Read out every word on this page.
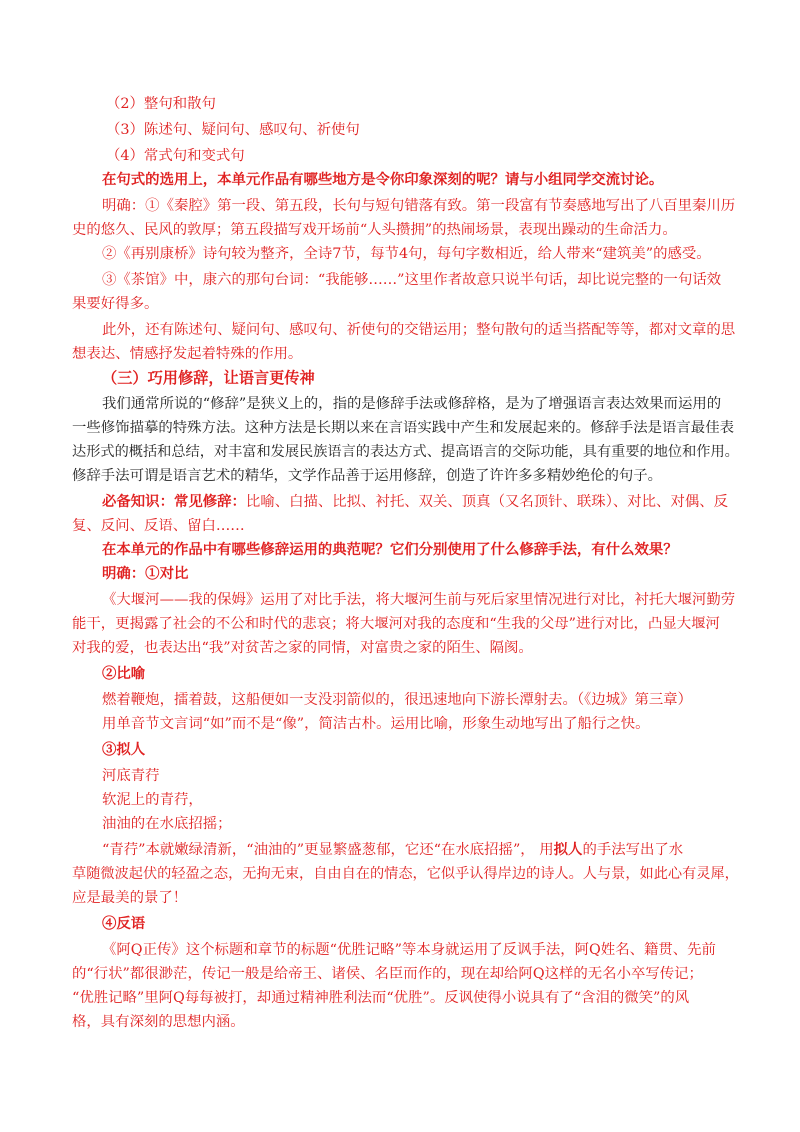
（2）整句和散句
（3）陈述句、疑问句、感叹句、祈使句
（4）常式句和变式句
在句式的选用上，本单元作品有哪些地方是令你印象深刻的呢？请与小组同学交流讨论。
明确：①《秦腔》第一段、第五段，长句与短句错落有致。第一段富有节奏感地写出了八百里秦川历
史的悠久、民风的敦厚；第五段描写戏开场前“人头攒拥”的热闹场景，表现出躁动的生命活力。
②《再别康桥》诗句较为整齐，全诗7节，每节4句，每句字数相近，给人带来“建筑美”的感受。
③《茶馆》中，康六的那句台词：“我能够……”这里作者故意只说半句话，却比说完整的一句话效
果要好得多。
此外，还有陈述句、疑问句、感叹句、祈使句的交错运用；整句散句的适当搭配等等，都对文章的思
想表达、情感抒发起着特殊的作用。
（三）巧用修辞，让语言更传神
我们通常所说的“修辞”是狭义上的，指的是修辞手法或修辞格，是为了增强语言表达效果而运用的
一些修饰描摹的特殊方法。这种方法是长期以来在言语实践中产生和发展起来的。修辞手法是语言最佳表
达形式的概括和总结，对丰富和发展民族语言的表达方式、提高语言的交际功能，具有重要的地位和作用。
修辞手法可谓是语言艺术的精华，文学作品善于运用修辞，创造了许许多多精妙绝伦的句子。
必备知识：常见修辞：比喻、白描、比拟、衬托、双关、顶真（又名顶针、联珠）、对比、对偶、反
复、反问、反语、留白……
在本单元的作品中有哪些修辞运用的典范呢？它们分别使用了什么修辞手法，有什么效果？
明确：①对比
《大堰河——我的保姆》运用了对比手法，将大堰河生前与死后家里情况进行对比，衬托大堰河勤劳
能干，更揭露了社会的不公和时代的悲哀；将大堰河对我的态度和“生我的父母”进行对比，凸显大堰河
对我的爱，也表达出“我”对贫苦之家的同情，对富贵之家的陌生、隔阂。
②比喻
燃着鞭炮，擂着鼓，这船便如一支没羽箭似的，很迅速地向下游长潭射去。（《边城》第三章）
用单音节文言词“如”而不是“像”，简洁古朴。运用比喻，形象生动地写出了船行之快。
③拟人
河底青荇
软泥上的青荇，
油油的在水底招摇；
“青荇”本就嫩绿清新，“油油的”更显繁盛葱郁，它还“在水底招摇”， 用拟人的手法写出了水
草随微波起伏的轻盈之态，无拘无束，自由自在的情态，它似乎认得岸边的诗人。人与景，如此心有灵犀，
应是最美的景了！
④反语
《阿Q正传》这个标题和章节的标题“优胜记略”等本身就运用了反讽手法，阿Q姓名、籍贯、先前
的“行状”都很渺茫，传记一般是给帝王、诸侯、名臣而作的，现在却给阿Q这样的无名小卒写传记；
“优胜记略”里阿Q每每被打，却通过精神胜利法而“优胜”。反讽使得小说具有了“含泪的微笑”的风
格，具有深刻的思想内涵。
